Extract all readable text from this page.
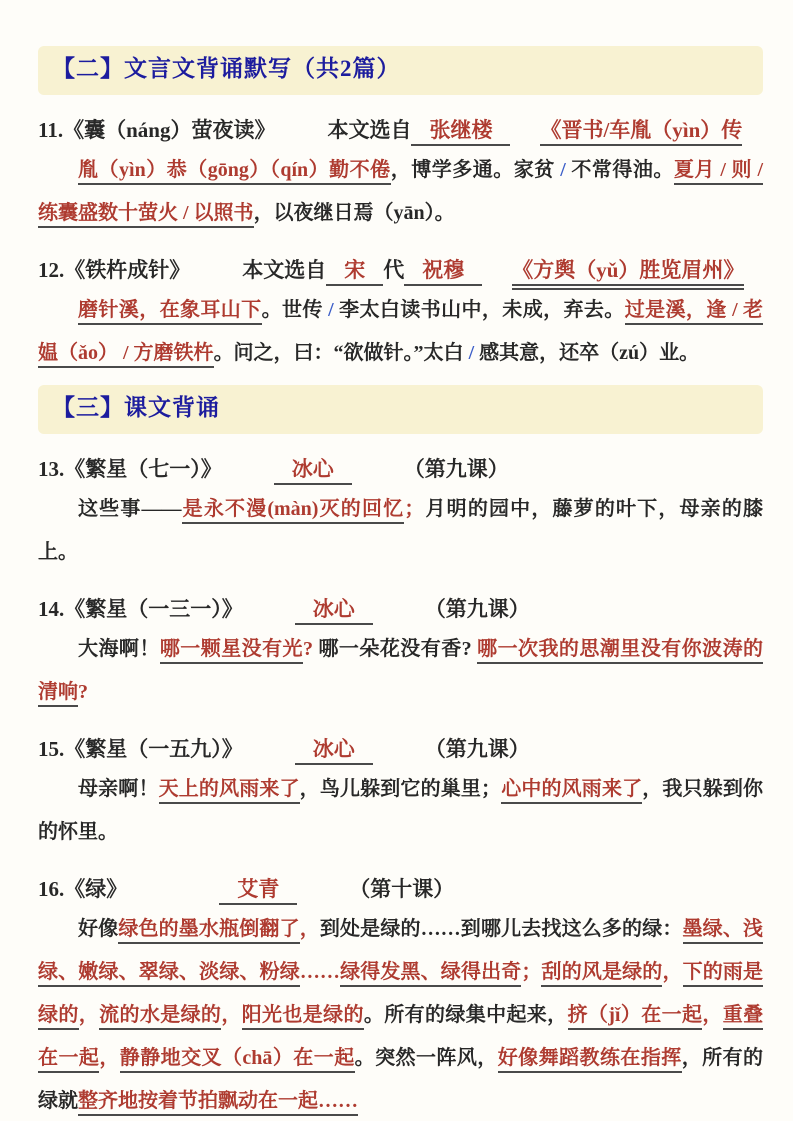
【二】文言文背诵默写（共2篇）
11.《囊（náng）萤夜读》 本文选自 张继楼 《晋书/车胤（yìn）传
胤（yìn）恭（gōng）（qín）勤不倦，博学多通。家贫 / 不常得油。夏月 / 则 /练囊盛数十萤火 / 以照书，以夜继日焉（yān）。
12.《铁杵成针》 本文选自 宋 代 祝穆 《方舆（yǔ）胜览眉州》
磨针溪，在象耳山下。世传 / 李太白读书山中，未成，弃去。过是溪，逢 / 老媪（ǎo） / 方磨铁杵。问之，曰：“欲做针。”太白 / 感其意，还卒（zú）业。
【三】课文背诵
13.《繁星（七一）》	冰心	（第九课）
这些事——是永不漫(màn)灭的回忆；月明的园中，藤萝的叶下，母亲的膝上。
14.《繁星（一三一）》	冰心	（第九课）
大海啊！哪一颗星没有光? 哪一朵花没有香? 哪一次我的思潮里没有你波涛的清响?
15.《繁星（一五九）》	冰心	（第九课）
母亲啊！天上的风雨来了，鸟儿躲到它的巢里；心中的风雨来了，我只躲到你的怀里。
16.《绿》	艾青	（第十课）
好像绿色的墨水瓶倒翻了，到处是绿的……到哪儿去找这么多的绿：墨绿、浅绿、嫩绿、翠绿、淡绿、粉绿……绿得发黑、绿得出奇；刮的风是绿的，下的雨是绿的，流的水是绿的，阳光也是绿的。所有的绿集中起来，挤（jǐ）在一起，重叠在一起，静静地交叉（chā）在一起。突然一阵风，好像舞蹈教练在指挥，所有的绿就整齐地按着节拍飘动在一起……
